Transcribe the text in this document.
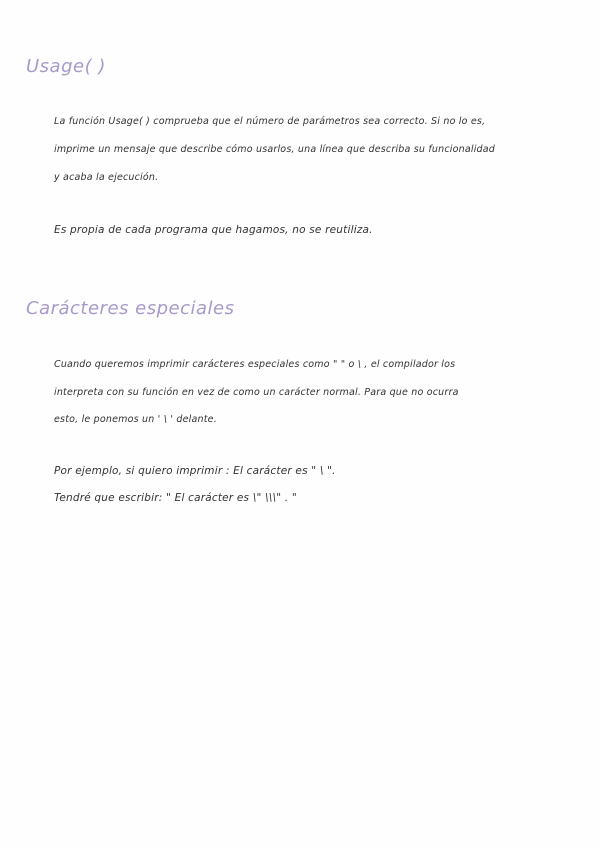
Usage( )
La función Usage( ) comprueba que el número de parámetros sea correcto. Si no lo es,
imprime un mensaje que describe cómo usarlos, una línea que describa su funcionalidad
y acaba la ejecución.
Es propia de cada programa que hagamos, no se reutiliza.
Carácteres especiales
Cuando queremos imprimir carácteres especiales como " " o \ , el compilador los
interpreta con su función en vez de como un carácter normal. Para que no ocurra
esto, le ponemos un ' \ ' delante.
Por ejemplo, si quiero imprimir : El carácter es " \ ".
Tendré que escribir: " El carácter es \" \\\" . "
